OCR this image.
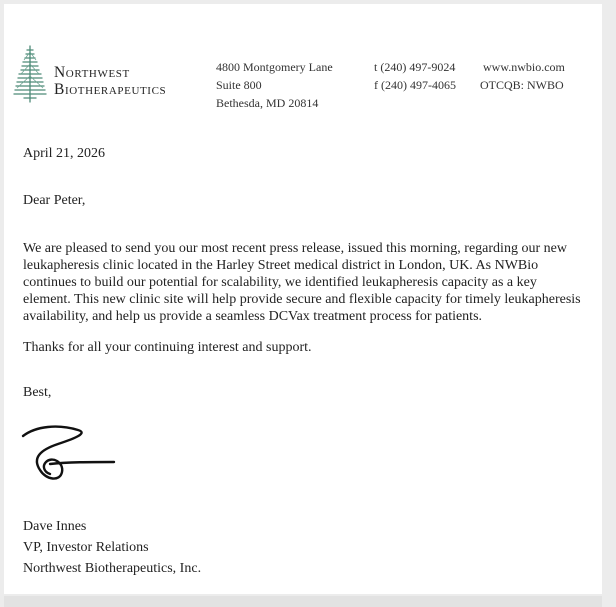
Northwest
Biotherapeutics
4800 Montgomery Lane
Suite 800
Bethesda, MD 20814
t (240) 497-9024
f (240) 497-4065
www.nwbio.com
OTCQB: NWBO
April 21, 2026
Dear Peter,
We are pleased to send you our most recent press release, issued this morning, regarding our new leukapheresis clinic located in the Harley Street medical district in London, UK. As NWBio continues to build our potential for scalability, we identified leukapheresis capacity as a key element. This new clinic site will help provide secure and flexible capacity for timely leukapheresis availability, and help us provide a seamless DCVax treatment process for patients.
Thanks for all your continuing interest and support.
Best,
Dave Innes
VP, Investor Relations
Northwest Biotherapeutics, Inc.
